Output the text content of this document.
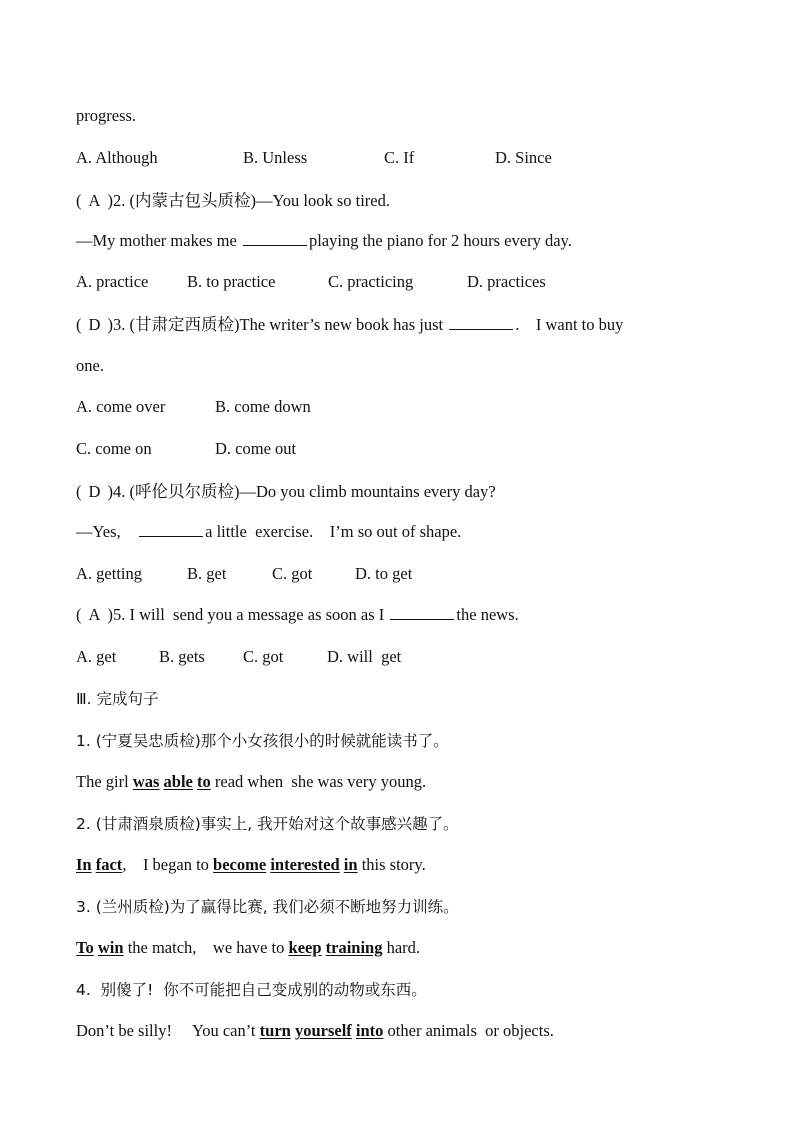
progress.
A. Although	B. Unless	C. If	D. Since
( A )2. (内蒙古包头质检)—You look so tired.
—My mother makes me	playing the piano for 2 hours every day.
A. practice B. to practice	C. practicing	D. practices
( D )3. (甘肃定西质检)The writer’s new book has just	.    I want to buy
one.
A. come over	B. come down
C. come on	D. come out
( D )4. (呼伦贝尔质检)—Do you climb mountains every day?
—Yes,	a little  exercise.    I’m so out of shape.
A. getting	B. get	C. got	D. to get
( A )5. I will  send you a message as soon as I	the news.
A. get	B. gets C. got	D. will  get
Ⅲ. 完成句子
1. (宁夏吴忠质检)那个小女孩很小的时候就能读书了。
The girl was able to read when  she was very young.
2. (甘肃酒泉质检)事实上, 我开始对这个故事感兴趣了。
In fact,    I began to become interested in this story.
3. (兰州质检)为了赢得比赛, 我们必须不断地努力训练。
To win the match,    we have to keep training hard.
4.  别傻了!  你不可能把自己变成别的动物或东西。
Don’t be silly!     You can’t turn yourself into other animals  or objects.
